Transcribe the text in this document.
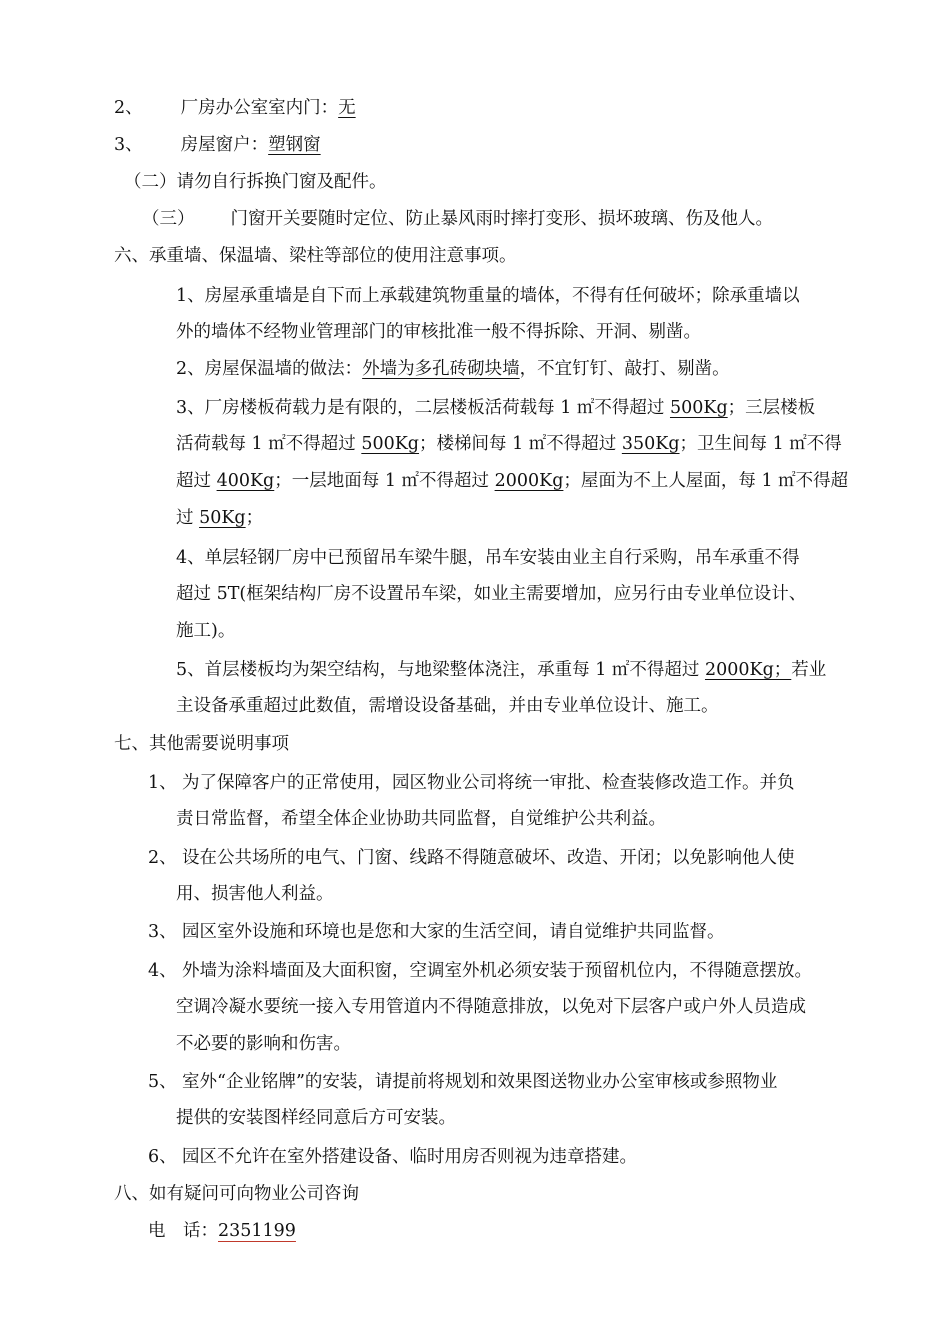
2、 厂房办公室室内门：无
3、 房屋窗户：塑钢窗
（二）请勿自行拆换门窗及配件。
（三） 门窗开关要随时定位、防止暴风雨时摔打变形、损坏玻璃、伤及他人。
六、承重墙、保温墙、梁柱等部位的使用注意事项。
1、房屋承重墙是自下而上承载建筑物重量的墙体，不得有任何破坏；除承重墙以
外的墙体不经物业管理部门的审核批准一般不得拆除、开洞、剔凿。
2、房屋保温墙的做法：外墙为多孔砖砌块墙，不宜钉钉、敲打、剔凿。
3、厂房楼板荷载力是有限的，二层楼板活荷载每 1 ㎡不得超过 500Kg；三层楼板
活荷载每 1 ㎡不得超过 500Kg；楼梯间每 1 ㎡不得超过 350Kg；卫生间每 1 ㎡不得
超过 400Kg；一层地面每 1 ㎡不得超过 2000Kg；屋面为不上人屋面，每 1 ㎡不得超
过 50Kg；
4、单层轻钢厂房中已预留吊车梁牛腿，吊车安装由业主自行采购，吊车承重不得
超过 5T(框架结构厂房不设置吊车梁，如业主需要增加，应另行由专业单位设计、
施工)。
5、首层楼板均为架空结构，与地梁整体浇注，承重每 1 ㎡不得超过 2000Kg；若业
主设备承重超过此数值，需增设设备基础，并由专业单位设计、施工。
七、其他需要说明事项
1、 为了保障客户的正常使用，园区物业公司将统一审批、检查装修改造工作。并负
责日常监督，希望全体企业协助共同监督，自觉维护公共利益。
2、 设在公共场所的电气、门窗、线路不得随意破坏、改造、开闭；以免影响他人使
用、损害他人利益。
3、 园区室外设施和环境也是您和大家的生活空间，请自觉维护共同监督。
4、 外墙为涂料墙面及大面积窗，空调室外机必须安装于预留机位内，不得随意摆放。
空调冷凝水要统一接入专用管道内不得随意排放，以免对下层客户或户外人员造成
不必要的影响和伤害。
5、 室外“企业铭牌”的安装，请提前将规划和效果图送物业办公室审核或参照物业
提供的安装图样经同意后方可安装。
6、 园区不允许在室外搭建设备、临时用房否则视为违章搭建。
八、如有疑问可向物业公司咨询
电　话：2351199
